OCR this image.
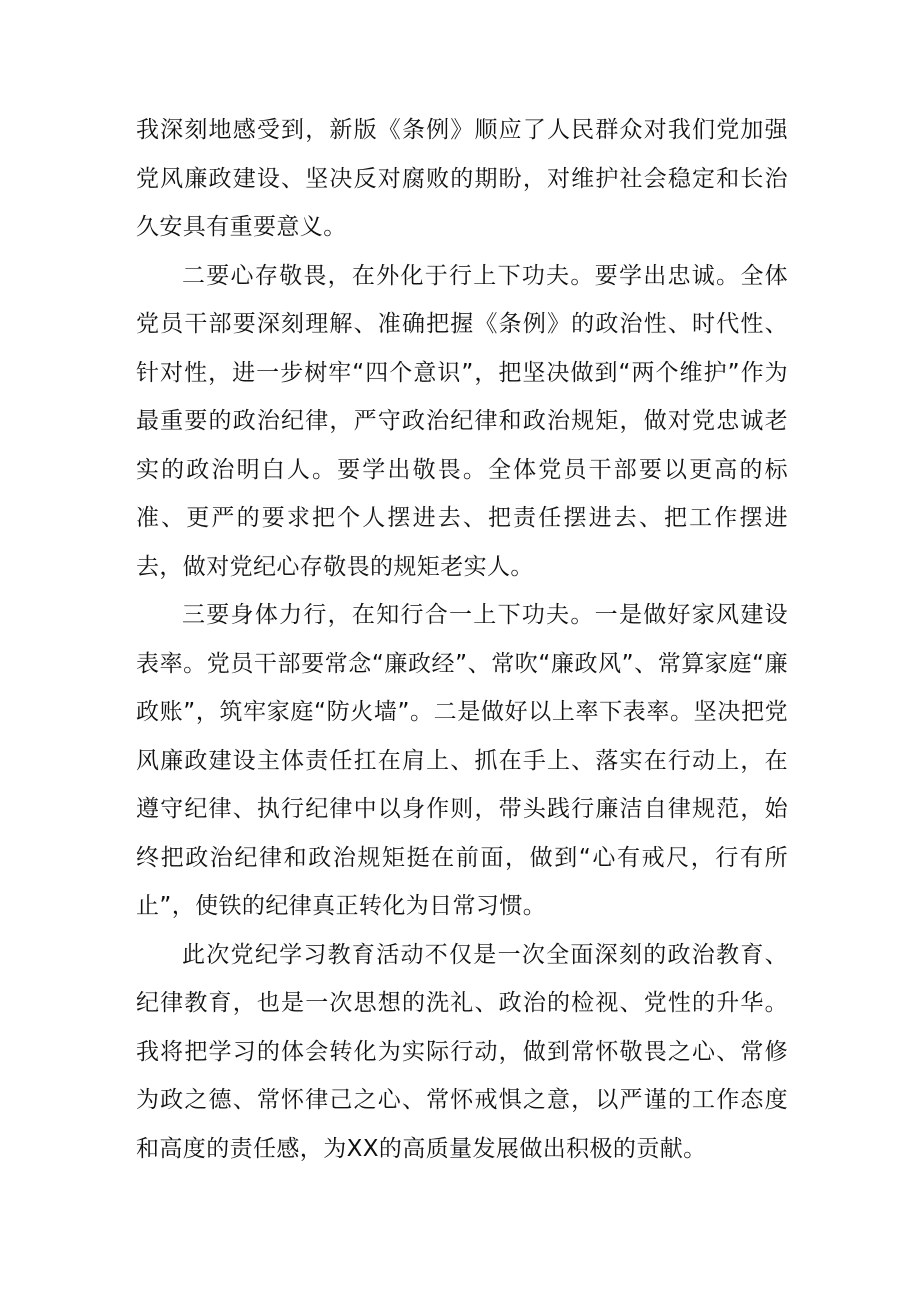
我深刻地感受到，新版《条例》顺应了人民群众对我们党加强党风廉政建设、坚决反对腐败的期盼，对维护社会稳定和长治久安具有重要意义。

二要心存敬畏，在外化于行上下功夫。要学出忠诚。全体党员干部要深刻理解、准确把握《条例》的政治性、时代性、针对性，进一步树牢“四个意识”，把坚决做到“两个维护”作为最重要的政治纪律，严守政治纪律和政治规矩，做对党忠诚老实的政治明白人。要学出敬畏。全体党员干部要以更高的标准、更严的要求把个人摆进去、把责任摆进去、把工作摆进去，做对党纪心存敬畏的规矩老实人。

三要身体力行，在知行合一上下功夫。一是做好家风建设表率。党员干部要常念“廉政经”、常吹“廉政风”、常算家庭“廉政账”，筑牢家庭“防火墙”。二是做好以上率下表率。坚决把党风廉政建设主体责任扛在肩上、抓在手上、落实在行动上，在遵守纪律、执行纪律中以身作则，带头践行廉洁自律规范，始终把政治纪律和政治规矩挺在前面，做到“心有戒尺，行有所止”，使铁的纪律真正转化为日常习惯。

此次党纪学习教育活动不仅是一次全面深刻的政治教育、纪律教育，也是一次思想的洗礼、政治的检视、党性的升华。我将把学习的体会转化为实际行动，做到常怀敬畏之心、常修为政之德、常怀律己之心、常怀戒惧之意，以严谨的工作态度和高度的责任感，为XX的高质量发展做出积极的贡献。
